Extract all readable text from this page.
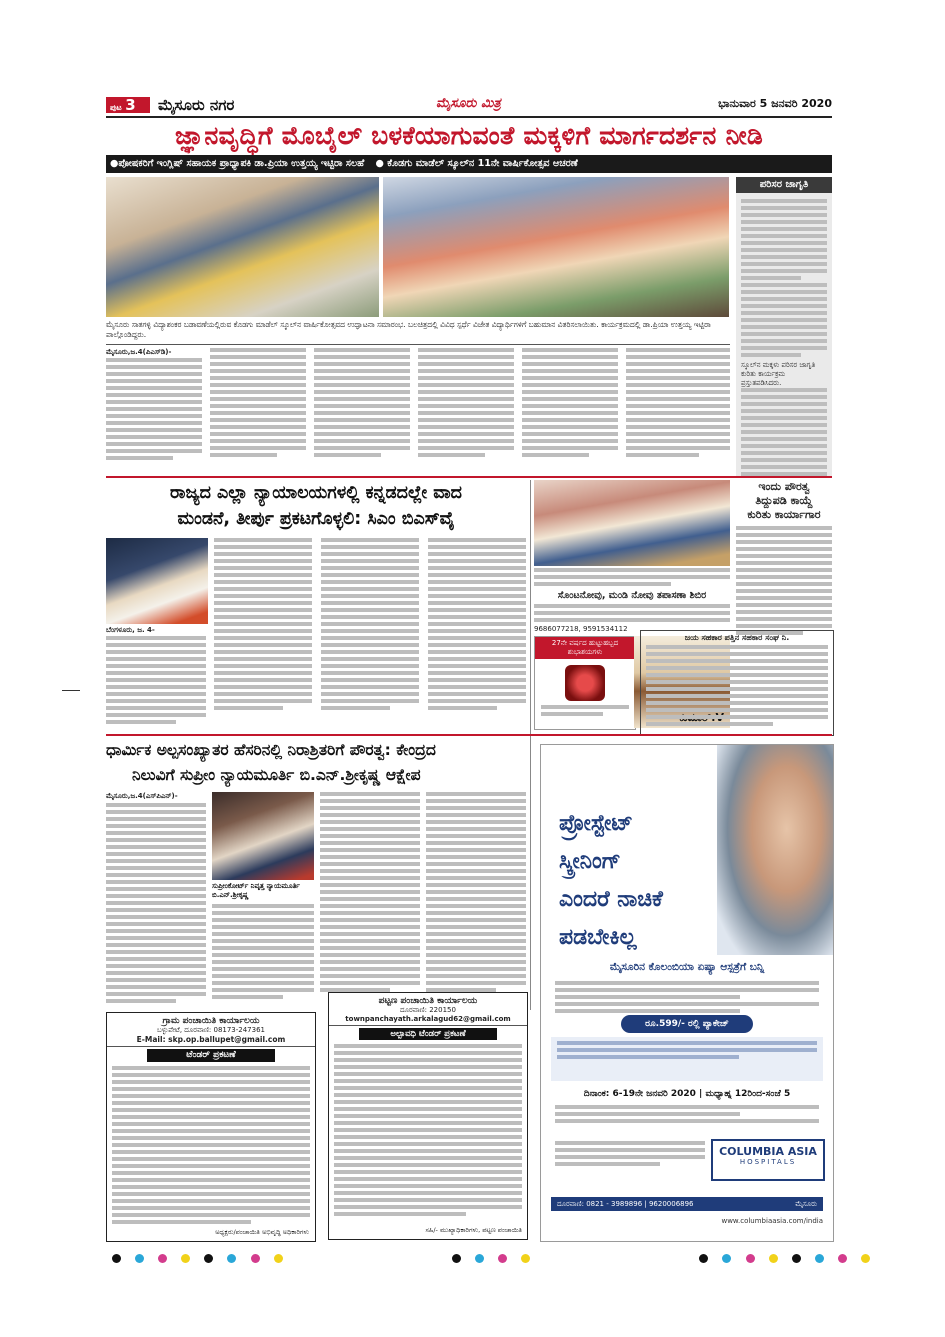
ಪುಟ 3	ಮೈಸೂರು ನಗರ	ಮೈಸೂರು ಮಿತ್ರ	ಭಾನುವಾರ 5 ಜನವರಿ 2020
ಜ್ಞಾನವೃದ್ಧಿಗೆ ಮೊಬೈಲ್ ಬಳಕೆಯಾಗುವಂತೆ ಮಕ್ಕಳಿಗೆ ಮಾರ್ಗದರ್ಶನ ನೀಡಿ
●ಪೋಷಕರಿಗೆ ಇಂಗ್ಲಿಷ್ ಸಹಾಯಕ ಪ್ರಾಧ್ಯಾಪಕಿ ಡಾ.ಪ್ರಿಯಾ ಉತ್ತಯ್ಯ ಇಟ್ಟಿರಾ ಸಲಹೆ ● ಕೊಡಗು ಮಾಡೆಲ್ ಸ್ಕೂಲ್‌ನ 11ನೇ ವಾರ್ಷಿಕೋತ್ಸವ ಆಚರಣೆ
ಮೈಸೂರು ಸಾತಗಳ್ಳಿ ವಿದ್ಯಾಶಂಕರ ಬಡಾವಣೆಯಲ್ಲಿರುವ ಕೊಡಗು ಮಾಡೆಲ್ ಸ್ಕೂಲ್‌ನ ವಾರ್ಷಿಕೋತ್ಸವದ ಉದ್ಘಾಟನಾ ಸಮಾರಂಭ. ಬಲಚಿತ್ರದಲ್ಲಿ ವಿವಿಧ ಸ್ಪರ್ಧೆ ವಿಜೇತ ವಿದ್ಯಾರ್ಥಿಗಳಿಗೆ ಬಹುಮಾನ ವಿತರಿಸಲಾಯಿತು. ಕಾರ್ಯಕ್ರಮದಲ್ಲಿ ಡಾ.ಪ್ರಿಯಾ ಉತ್ತಯ್ಯ ಇಟ್ಟಿರಾ ಪಾಲ್ಗೊಂಡಿದ್ದರು.
ಪರಿಸರ ಜಾಗೃತಿ
ಸ್ಕೂಲ್‌ನ ಮಕ್ಕಳು ಪರಿಸರ ಜಾಗೃತಿ ಕುರಿತು ಕಾರ್ಯಕ್ರಮ ಪ್ರಸ್ತುತಪಡಿಸಿದರು.
ಮೈಸೂರು,ಜ.4(ಪಿಎಸ್‌ಡಿ)-
ರಾಜ್ಯದ ಎಲ್ಲಾ ನ್ಯಾಯಾಲಯಗಳಲ್ಲಿ ಕನ್ನಡದಲ್ಲೇ ವಾದ
ಮಂಡನೆ, ತೀರ್ಪು ಪ್ರಕಟಗೊಳ್ಳಲಿ: ಸಿಎಂ ಬಿಎಸ್‌ವೈ
ಬೆಂಗಳೂರು, ಜ. 4-
ಇಂದು ಪೌರತ್ವ
ತಿದ್ದುಪಡಿ ಕಾಯ್ದೆ
ಕುರಿತು ಕಾರ್ಯಾಗಾರ
ಸೊಂಟನೋವು, ಮಂಡಿ ನೋವು ತಪಾಸಣಾ ಶಿಬಿರ
9686077218, 9591534112
27ನೇ ವರ್ಷದ ಹುಟ್ಟುಹಬ್ಬದ ಶುಭಾಶಯಗಳು
ಜಯ ಸಹಕಾರ ಪತ್ತಿನ ಸಹಕಾರ ಸಂಘ ನಿ.
ಧಾರ್ಮಿಕ ಅಲ್ಪಸಂಖ್ಯಾತರ ಹೆಸರಿನಲ್ಲಿ ನಿರಾಶ್ರಿತರಿಗೆ ಪೌರತ್ವ: ಕೇಂದ್ರದ
ನಿಲುವಿಗೆ ಸುಪ್ರೀಂ ನ್ಯಾಯಮೂರ್ತಿ ಬಿ.ಎನ್.ಶ್ರೀಕೃಷ್ಣ ಆಕ್ಷೇಪ
ಮೈಸೂರು,ಜ.4(ಎಸ್‌ಪಿಎನ್)-
ಸುಪ್ರೀಂಕೋರ್ಟ್ ನಿವೃತ್ತ ನ್ಯಾಯಮೂರ್ತಿ ಬಿ.ಎನ್.ಶ್ರೀಕೃಷ್ಣ
ಗ್ರಾಮ ಪಂಚಾಯಿತಿ ಕಾರ್ಯಾಲಯ
ಬಳ್ಳುಪೇಟೆ, ದೂರವಾಣಿ: 08173-247361
E-Mail: skp.op.ballupet@gmail.com
ಟೆಂಡರ್ ಪ್ರಕಟಣೆ
ಅಧ್ಯಕ್ಷರು/ಪಂಚಾಯಿತಿ ಅಭಿವೃದ್ಧಿ ಅಧಿಕಾರಿಗಳು
ಪಟ್ಟಣ ಪಂಚಾಯಿತಿ ಕಾರ್ಯಾಲಯ
ದೂರವಾಣಿ: 220150
townpanchayath.arkalagud62@gmail.com
ಅಲ್ಪಾವಧಿ ಟೆಂಡರ್ ಪ್ರಕಟಣೆ
ಸಹಿ/- ಮುಖ್ಯಾಧಿಕಾರಿಗಳು, ಪಟ್ಟಣ ಪಂಚಾಯಿತಿ
ಪ್ರೋಸ್ಟೇಟ್
ಸ್ಕ್ರೀನಿಂಗ್
ಎಂದರೆ ನಾಚಿಕೆ
ಪಡಬೇಕಿಲ್ಲ
ಮೈಸೂರಿನ ಕೊಲಂಬಿಯಾ ಏಷ್ಯಾ ಆಸ್ಪತ್ರೆಗೆ ಬನ್ನಿ
ರೂ.599/- ರಲ್ಲಿ ಪ್ಯಾಕೇಜ್
ದಿನಾಂಕ: 6-19ನೇ ಜನವರಿ 2020 | ಮಧ್ಯಾಹ್ನ 12ರಿಂದ-ಸಂಜೆ 5
COLUMBIA ASIA
HOSPITALS
ದೂರವಾಣಿ: 0821 - 3989896 | 9620006896	ಮೈಸೂರು
www.columbiaasia.com/india
